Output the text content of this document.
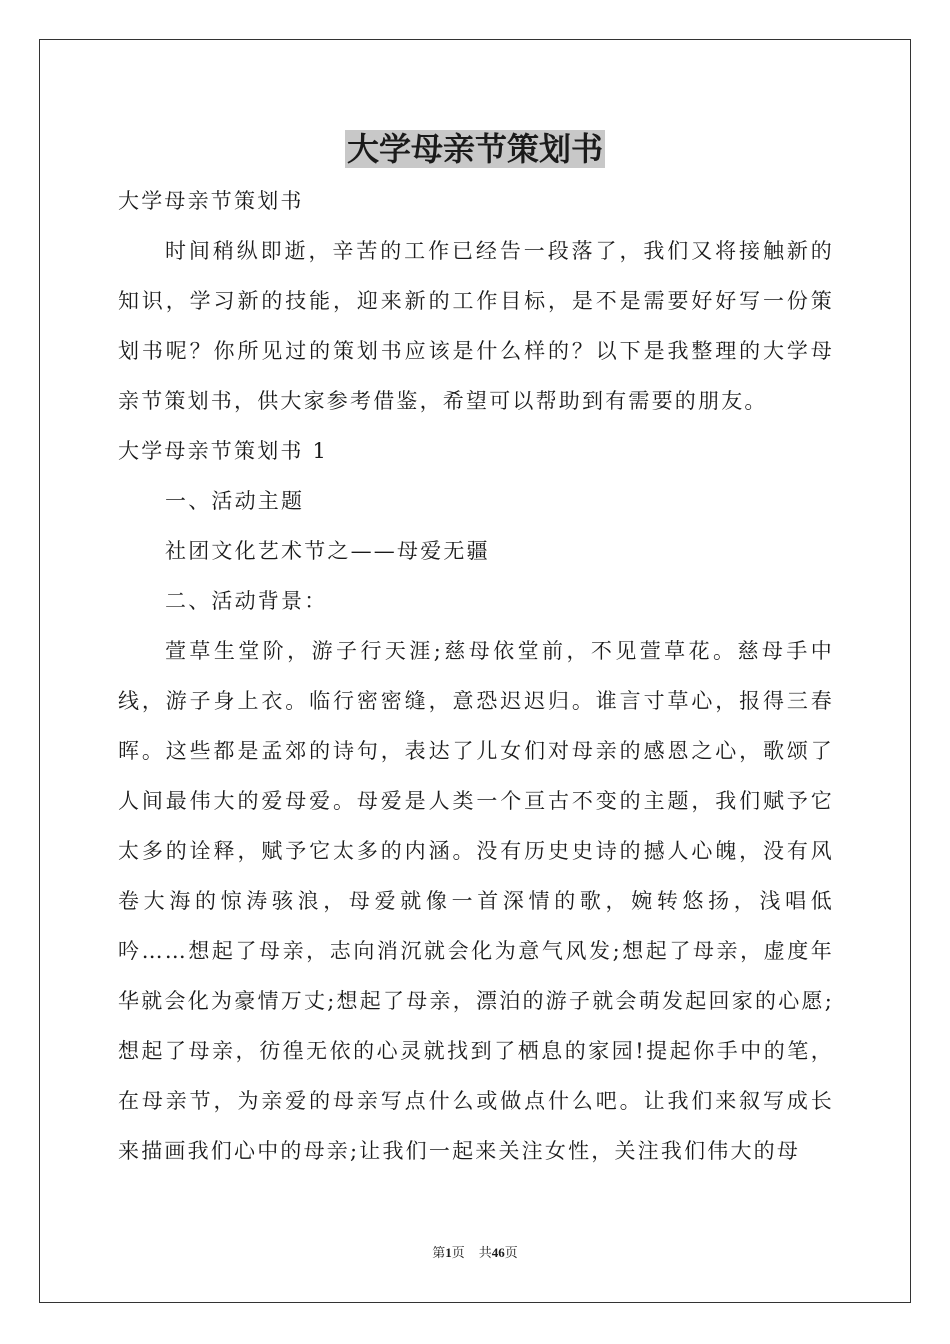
大学母亲节策划书

大学母亲节策划书

时间稍纵即逝，辛苦的工作已经告一段落了，我们又将接触新的知识，学习新的技能，迎来新的工作目标，是不是需要好好写一份策划书呢？你所见过的策划书应该是什么样的？以下是我整理的大学母亲节策划书，供大家参考借鉴，希望可以帮助到有需要的朋友。

大学母亲节策划书 1

一、活动主题

社团文化艺术节之——母爱无疆

二、活动背景：

萱草生堂阶，游子行天涯;慈母依堂前，不见萱草花。慈母手中线，游子身上衣。临行密密缝，意恐迟迟归。谁言寸草心，报得三春晖。这些都是孟郊的诗句，表达了儿女们对母亲的感恩之心，歌颂了人间最伟大的爱母爱。母爱是人类一个亘古不变的主题，我们赋予它太多的诠释，赋予它太多的内涵。没有历史史诗的撼人心魄，没有风卷大海的惊涛骇浪，母爱就像一首深情的歌，婉转悠扬，浅唱低吟……想起了母亲，志向消沉就会化为意气风发;想起了母亲，虚度年华就会化为豪情万丈;想起了母亲，漂泊的游子就会萌发起回家的心愿;想起了母亲，彷徨无依的心灵就找到了栖息的家园!提起你手中的笔，在母亲节，为亲爱的母亲写点什么或做点什么吧。让我们来叙写成长来描画我们心中的母亲;让我们一起来关注女性，关注我们伟大的母

第1页 共46页
